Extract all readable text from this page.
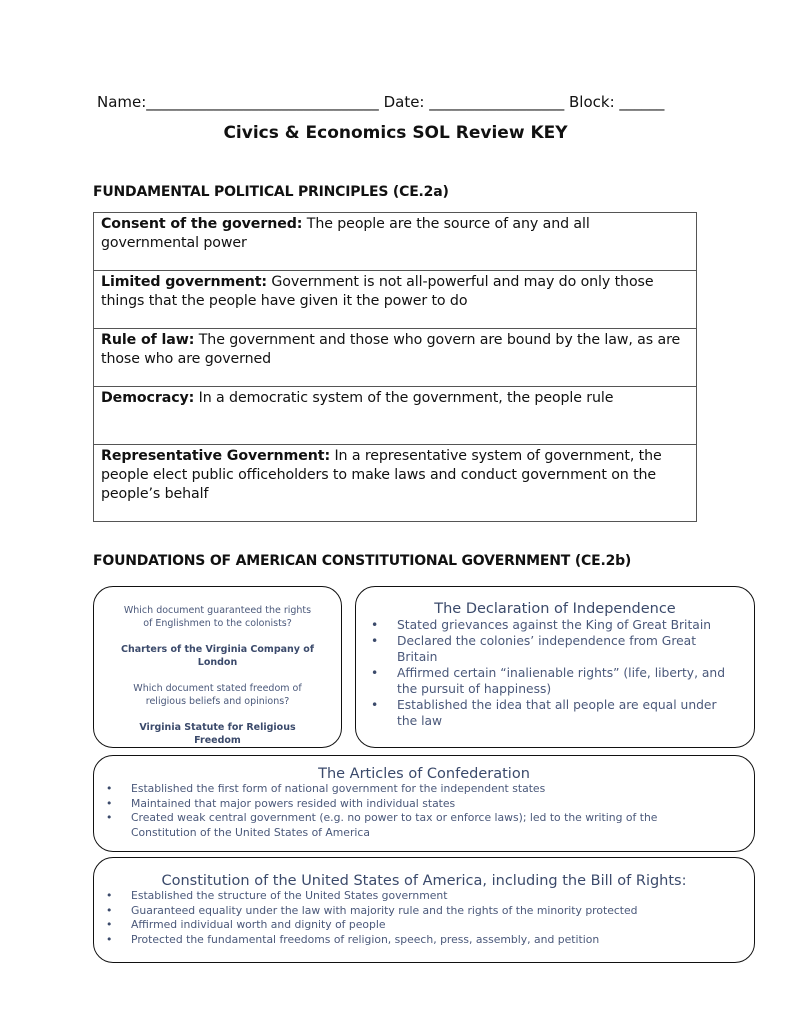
Name:_______________________________ Date: __________________ Block: ______
Civics & Economics SOL Review KEY
FUNDAMENTAL POLITICAL PRINCIPLES (CE.2a)
Consent of the governed: The people are the source of any and all governmental power
Limited government: Government is not all-powerful and may do only those things that the people have given it the power to do
Rule of law: The government and those who govern are bound by the law, as are those who are governed
Democracy: In a democratic system of the government, the people rule
Representative Government: In a representative system of government, the people elect public officeholders to make laws and conduct government on the people’s behalf
FOUNDATIONS OF AMERICAN CONSTITUTIONAL GOVERNMENT (CE.2b)

Which document guaranteed the rights of Englishmen to the colonists?

Charters of the Virginia Company of London

Which document stated freedom of religious beliefs and opinions?

Virginia Statute for Religious Freedom

The Declaration of Independence
• Stated grievances against the King of Great Britain
• Declared the colonies’ independence from Great Britain
• Affirmed certain “inalienable rights” (life, liberty, and the pursuit of happiness)
• Established the idea that all people are equal under the law
The Articles of Confederation
• Established the first form of national government for the independent states
• Maintained that major powers resided with individual states
• Created weak central government (e.g. no power to tax or enforce laws); led to the writing of the Constitution of the United States of America
Constitution of the United States of America, including the Bill of Rights:
• Established the structure of the United States government
• Guaranteed equality under the law with majority rule and the rights of the minority protected
• Affirmed individual worth and dignity of people
• Protected the fundamental freedoms of religion, speech, press, assembly, and petition
